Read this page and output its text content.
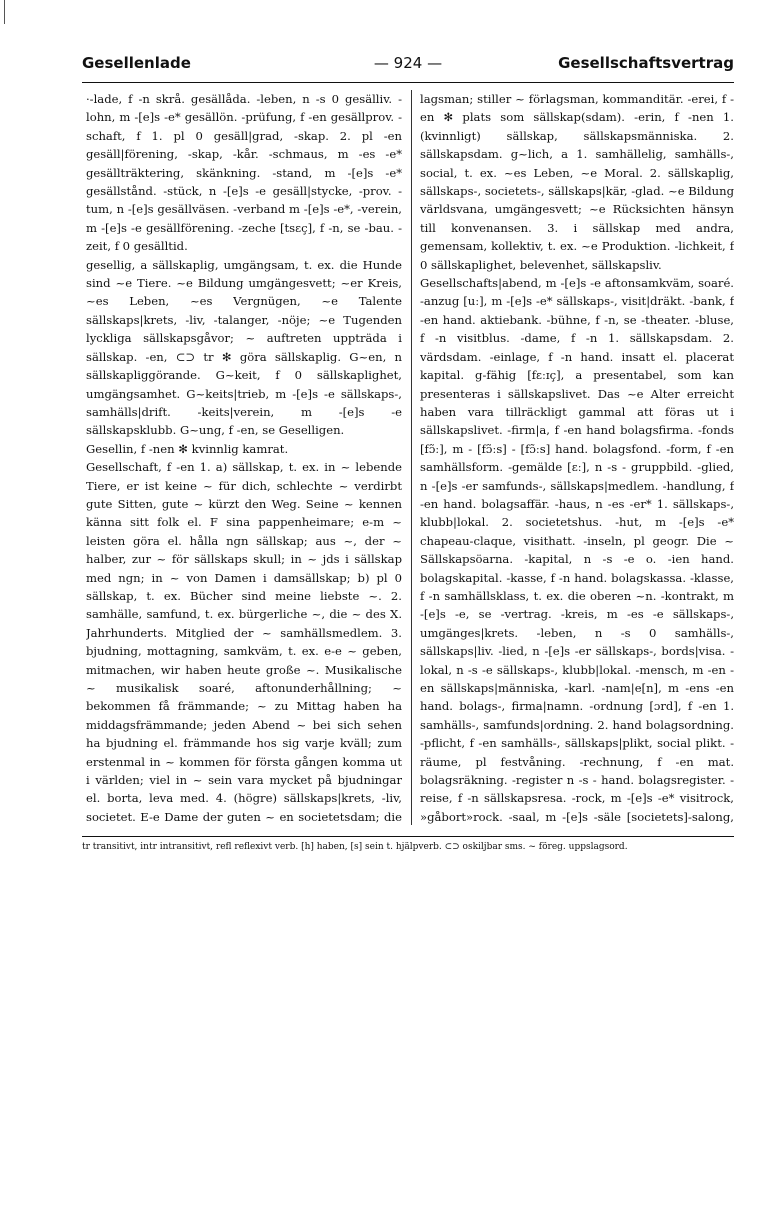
Gesellenlade	— 924 —	Gesellschaftsvertrag

·-lade, f -n skrå. gesällåda. -leben, n -s 0 gesälliv. -lohn, m -[e]s -e* gesällön. -prüfung, f -en gesällprov. -schaft, f 1. pl 0 gesäll|grad, -skap. 2. pl -en gesäll|förening, -skap, -kår. -schmaus, m -es -e* gesällträktering, skänkning. -stand, m -[e]s -e* gesällstånd. -stück, n -[e]s -e gesäll|stycke, -prov. -tum, n -[e]s gesällväsen. -verband m -[e]s -e*, -verein, m -[e]s -e gesällförening. -zeche [tsɛç], f -n, se -bau. -zeit, f 0 gesälltid.

gesellig, a sällskaplig, umgängsam, t. ex. die Hunde sind ~e Tiere. ~e Bildung umgängesvett; ~er Kreis, ~es Leben, ~es Vergnügen, ~e Talente sällskaps|krets, -liv, -talanger, -nöje; ~e Tugenden lyckliga sällskapsgåvor; ~ auftreten uppträda i sällskap. -en, ⊂⊃ tr ✻ göra sällskaplig. G~en, n sällskapliggörande. G~keit, f 0 sällskaplighet, umgängsamhet. G~keits|trieb, m -[e]s -e sällskaps-, samhälls|drift. -keits|verein, m -[e]s -e sällskapsklubb. G~ung, f -en, se Geselligen.

Gesellin, f -nen ✻ kvinnlig kamrat.

Gesellschaft, f -en 1. a) sällskap, t. ex. in ~ lebende Tiere, er ist keine ~ für dich, schlechte ~ verdirbt gute Sitten, gute ~ kürzt den Weg. Seine ~ kennen känna sitt folk el. F sina pappenheimare; e-m ~ leisten göra el. hålla ngn sällskap; aus ~, der ~ halber, zur ~ för sällskaps skull; in ~ jds i sällskap med ngn; in ~ von Damen i damsällskap; b) pl 0 sällskap, t. ex. Bücher sind meine liebste ~. 2. samhälle, samfund, t. ex. bürgerliche ~, die ~ des X. Jahrhunderts. Mitglied der ~ samhällsmedlem. 3. bjudning, mottagning, samkväm, t. ex. e-e ~ geben, mitmachen, wir haben heute große ~. Musikalische ~ musikalisk soaré, aftonunderhållning; ~ bekommen få främmande; ~ zu Mittag haben ha middagsfrämmande; jeden Abend ~ bei sich sehen ha bjudning el. främmande hos sig varje kväll; zum erstenmal in ~ kommen för första gången komma ut i världen; viel in ~ sein vara mycket på bjudningar el. borta, leva med. 4. (högre) sällskaps|krets, -liv, societet. E-e Dame der guten ~ en societetsdam; die

lagsman; stiller ~ förlagsman, kommanditär. -erei, f -en ✻ plats som sällskap(sdam). -erin, f -nen 1. (kvinnligt) sällskap, sällskapsmänniska. 2. sällskapsdam. g~lich, a 1. samhällelig, samhälls-, social, t. ex. ~es Leben, ~e Moral. 2. sällskaplig, sällskaps-, societets-, sällskaps|kär, -glad. ~e Bildung världsvana, umgängesvett; ~e Rücksichten hänsyn till konvenansen. 3. i sällskap med andra, gemensam, kollektiv, t. ex. ~e Produktion. -lichkeit, f 0 sällskaplighet, belevenhet, sällskapsliv.

Gesellschafts|abend, m -[e]s -e aftonsamkväm, soaré. -anzug [uː], m -[e]s -e* sällskaps-, visit|dräkt. -bank, f -en hand. aktiebank. -bühne, f -n, se -theater. -bluse, f -n visitblus. -dame, f -n 1. sällskapsdam. 2. värdsdam. -einlage, f -n hand. insatt el. placerat kapital. g-fähig [fɛːɪç], a presentabel, som kan presenteras i sällskapslivet. Das ~e Alter erreicht haben vara tillräckligt gammal att föras ut i sällskapslivet. -firm|a, f -en hand bolagsfirma. -fonds [fɔ̃ː], m - [fɔ̃ːs] - [fɔ̃ːs] hand. bolagsfond. -form, f -en samhällsform. -gemälde [ɛː], n -s - gruppbild. -glied, n -[e]s -er samfunds-, sällskaps|medlem. -handlung, f -en hand. bolagsaffär. -haus, n -es -er* 1. sällskaps-, klubb|lokal. 2. societetshus. -hut, m -[e]s -e* chapeau-claque, visithatt. -inseln, pl geogr. Die ~ Sällskapsöarna. -kapital, n -s -e o. -ien hand. bolagskapital. -kasse, f -n hand. bolagskassa. -klasse, f -n samhällsklass, t. ex. die oberen ~n. -kontrakt, m -[e]s -e, se -vertrag. -kreis, m -es -e sällskaps-, umgänges|krets. -leben, n -s 0 samhälls-, sällskaps|liv. -lied, n -[e]s -er sällskaps-, bords|visa. -lokal, n -s -e sällskaps-, klubb|lokal. -mensch, m -en -en sällskaps|människa, -karl. -nam|e[n], m -ens -en hand. bolags-, firma|namn. -ordnung [ɔrd], f -en 1. samhälls-, samfunds|ordning. 2. hand bolagsordning. -pflicht, f -en samhälls-, sällskaps|plikt, social plikt. -räume, pl festvåning. -rechnung, f -en mat. bolagsräkning. -register n -s - hand. bolagsregister. -reise, f -n sällskapsresa. -rock, m -[e]s -e* visitrock, »gåbort»rock. -saal, m -[e]s -säle [societets]-salong,

tr transitivt, intr intransitivt, refl reflexivt verb. [h] haben, [s] sein t. hjälpverb. ⊂⊃ oskiljbar sms. ~ föreg. uppslagsord.
